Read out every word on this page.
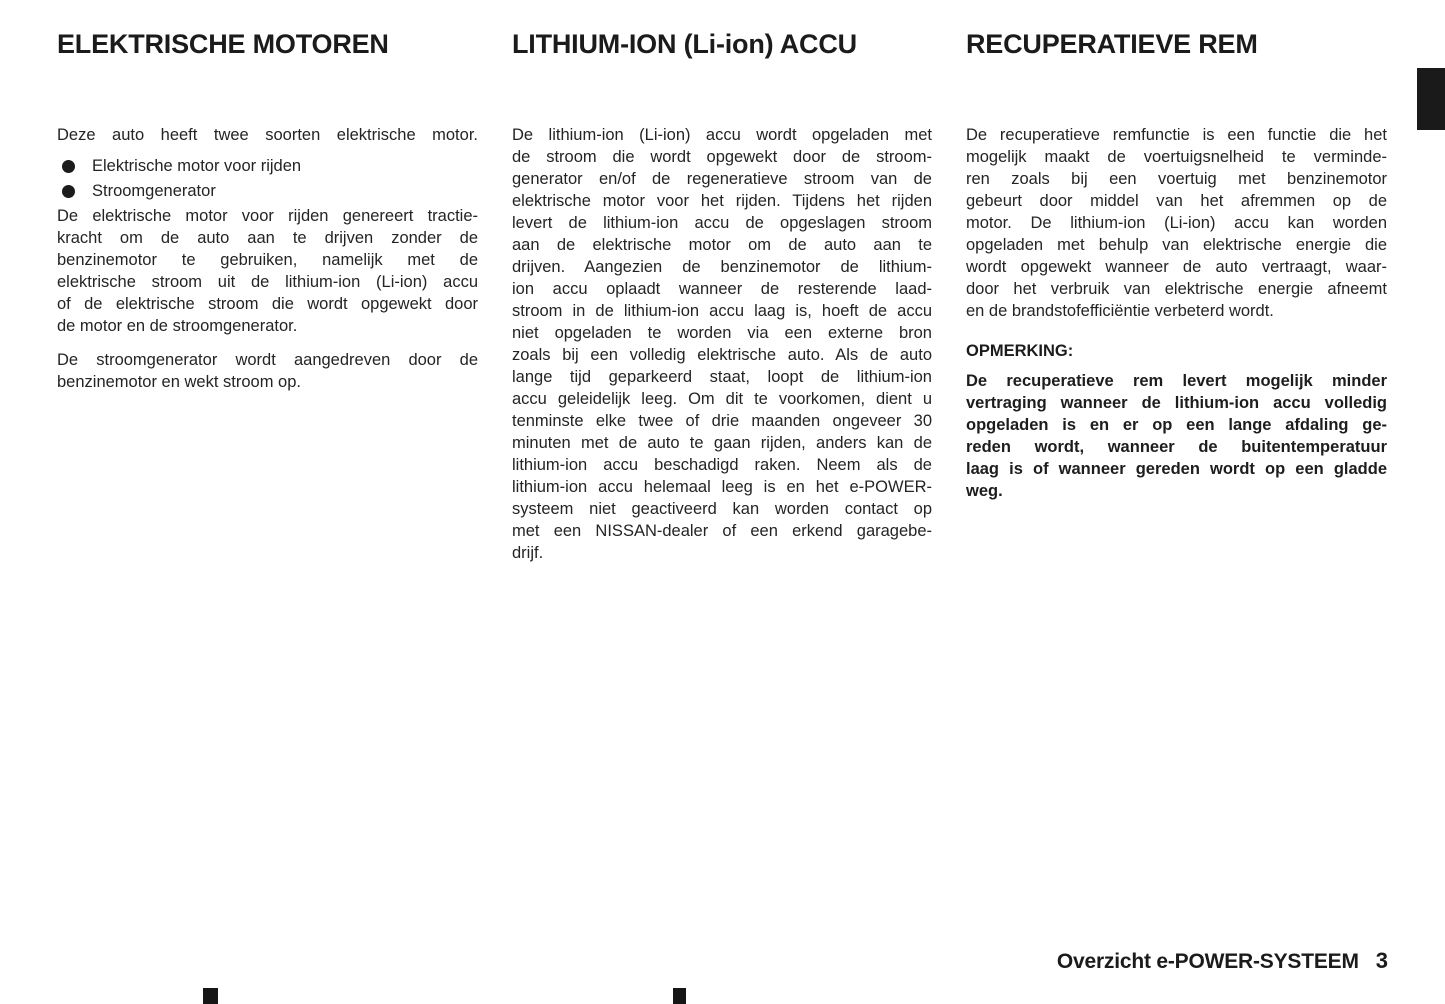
ELEKTRISCHE MOTOREN

Deze auto heeft twee soorten elektrische motor.

Elektrische motor voor rijden
Stroomgenerator
De elektrische motor voor rijden genereert tractie-
kracht om de auto aan te drijven zonder de
benzinemotor te gebruiken, namelijk met de
elektrische stroom uit de lithium-ion (Li-ion) accu
of de elektrische stroom die wordt opgewekt door
de motor en de stroomgenerator.
De stroomgenerator wordt aangedreven door de
benzinemotor en wekt stroom op.
LITHIUM-ION (Li-ion) ACCU
De lithium-ion (Li-ion) accu wordt opgeladen met
de stroom die wordt opgewekt door de stroom-
generator en/of de regeneratieve stroom van de
elektrische motor voor het rijden. Tijdens het rijden
levert de lithium-ion accu de opgeslagen stroom
aan de elektrische motor om de auto aan te
drijven. Aangezien de benzinemotor de lithium-
ion accu oplaadt wanneer de resterende laad-
stroom in de lithium-ion accu laag is, hoeft de accu
niet opgeladen te worden via een externe bron
zoals bij een volledig elektrische auto. Als de auto
lange tijd geparkeerd staat, loopt de lithium-ion
accu geleidelijk leeg. Om dit te voorkomen, dient u
tenminste elke twee of drie maanden ongeveer 30
minuten met de auto te gaan rijden, anders kan de
lithium-ion accu beschadigd raken. Neem als de
lithium-ion accu helemaal leeg is en het e-POWER-
systeem niet geactiveerd kan worden contact op
met een NISSAN-dealer of een erkend garagebe-
drijf.
RECUPERATIEVE REM
De recuperatieve remfunctie is een functie die het
mogelijk maakt de voertuigsnelheid te verminde-
ren zoals bij een voertuig met benzinemotor
gebeurt door middel van het afremmen op de
motor. De lithium-ion (Li-ion) accu kan worden
opgeladen met behulp van elektrische energie die
wordt opgewekt wanneer de auto vertraagt, waar-
door het verbruik van elektrische energie afneemt
en de brandstofefficiëntie verbeterd wordt.
OPMERKING:
De recuperatieve rem levert mogelijk minder
vertraging wanneer de lithium-ion accu volledig
opgeladen is en er op een lange afdaling ge-
reden wordt, wanneer de buitentemperatuur
laag is of wanneer gereden wordt op een gladde
weg.
Overzicht e-POWER-SYSTEEM 3
